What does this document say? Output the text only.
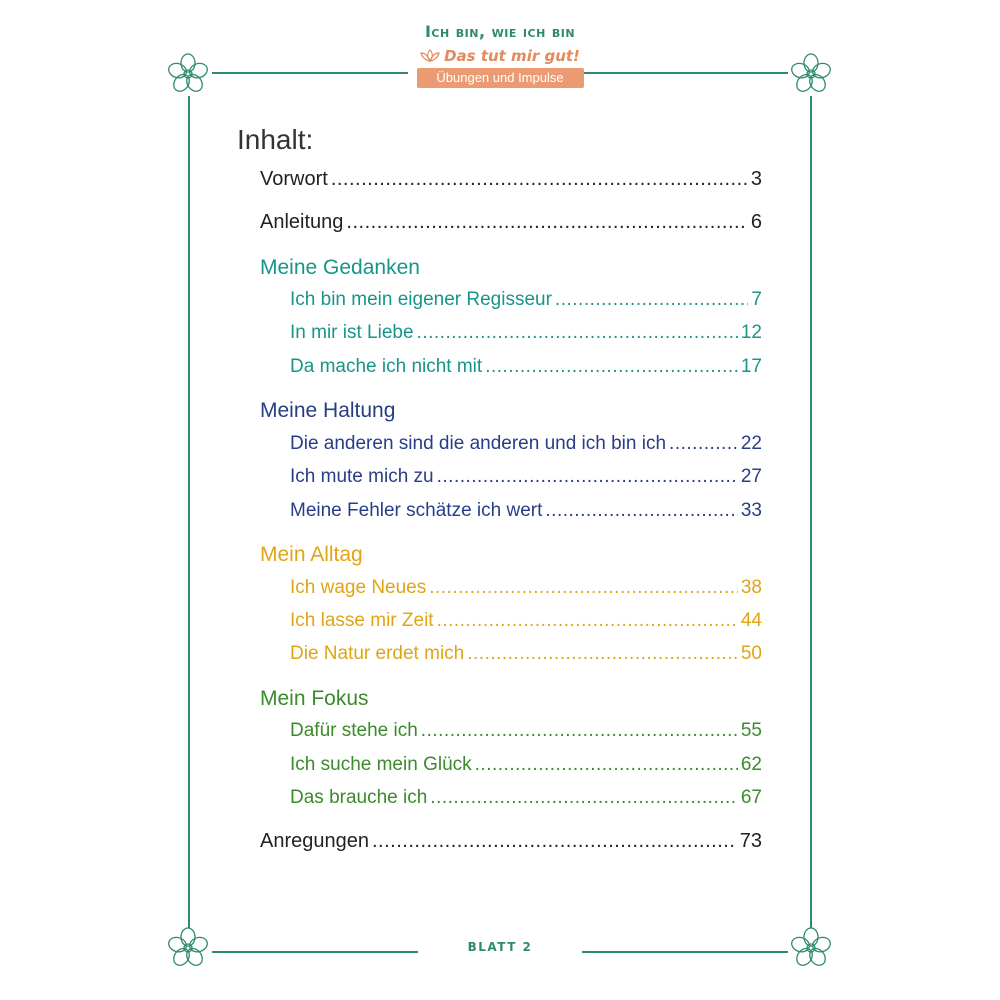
Ich bin, wie ich bin
Das tut mir gut!
Übungen und Impulse
Inhalt:
Vorwort .....	3
Anleitung .....	6
Meine Gedanken
Ich bin mein eigener Regisseur .....	7
In mir ist Liebe .....	12
Da mache ich nicht mit .....	17
Meine Haltung
Die anderen sind die anderen und ich bin ich .....	22
Ich mute mich zu .....	27
Meine Fehler schätze ich wert .....	33
Mein Alltag
Ich wage Neues .....	38
Ich lasse mir Zeit .....	44
Die Natur erdet mich .....	50
Mein Fokus
Dafür stehe ich .....	55
Ich suche mein Glück .....	62
Das brauche ich .....	67
Anregungen .....	73
BLATT 2
